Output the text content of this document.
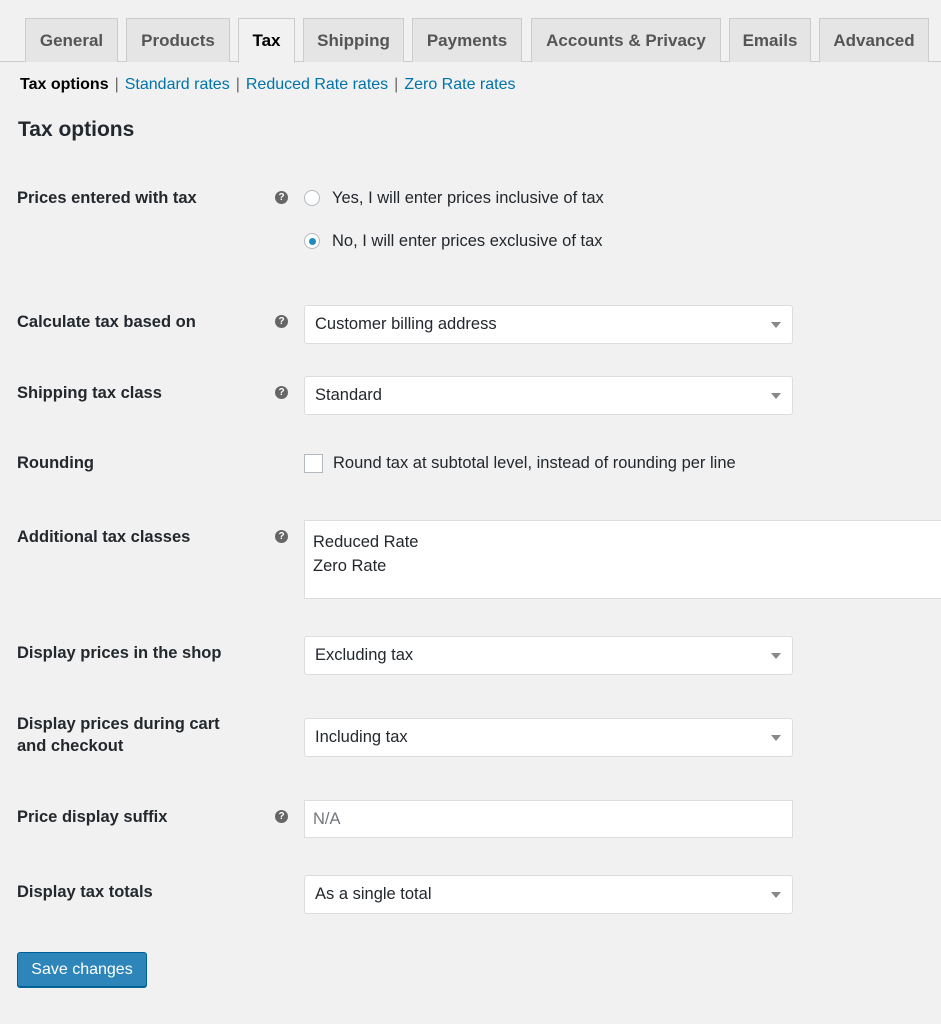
General	Products	Tax	Shipping	Payments	Accounts & Privacy	Emails	Advanced
Tax options | Standard rates | Reduced Rate rates | Zero Rate rates
Tax options
Prices entered with tax	?	Yes, I will enter prices inclusive of tax
No, I will enter prices exclusive of tax
Calculate tax based on	? Customer billing address
Shipping tax class	? Standard
Rounding	Round tax at subtotal level, instead of rounding per line
Additional tax classes	?	Reduced Rate
Zero Rate
Display prices in the shop	Excluding tax
Display prices during cart
and checkout	Including tax
Price display suffix	?	N/A
Display tax totals	As a single total
Save changes
